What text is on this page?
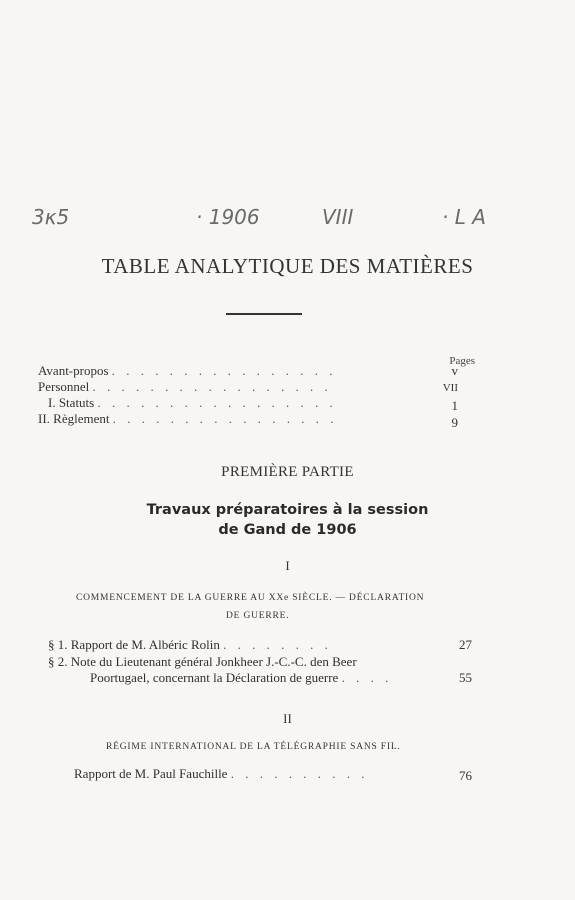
3κ5	· 1906	VIII	· L A
TABLE ANALYTIQUE DES MATIÈRES
Pages
Avant-propos . . . . . . . . . . . . . . . .	v
Personnel . . . . . . . . . . . . . . . . .	VII
I. Statuts . . . . . . . . . . . . . . . . .	1
II. Règlement . . . . . . . . . . . . . . . .	9
PREMIÈRE PARTIE
Travaux préparatoires à la session
de Gand de 1906
I
COMMENCEMENT DE LA GUERRE AU XXe SIÈCLE. — DÉCLARATION
DE GUERRE.
§ 1. Rapport de M. Albéric Rolin . . . . . . . .	27
§ 2. Note du Lieutenant général Jonkheer J.-C.-C. den Beer
Poortugael, concernant la Déclaration de guerre . . . .	55
II
RÉGIME INTERNATIONAL DE LA TÉLÉGRAPHIE SANS FIL.
Rapport de M. Paul Fauchille . . . . . . . . . .	76
